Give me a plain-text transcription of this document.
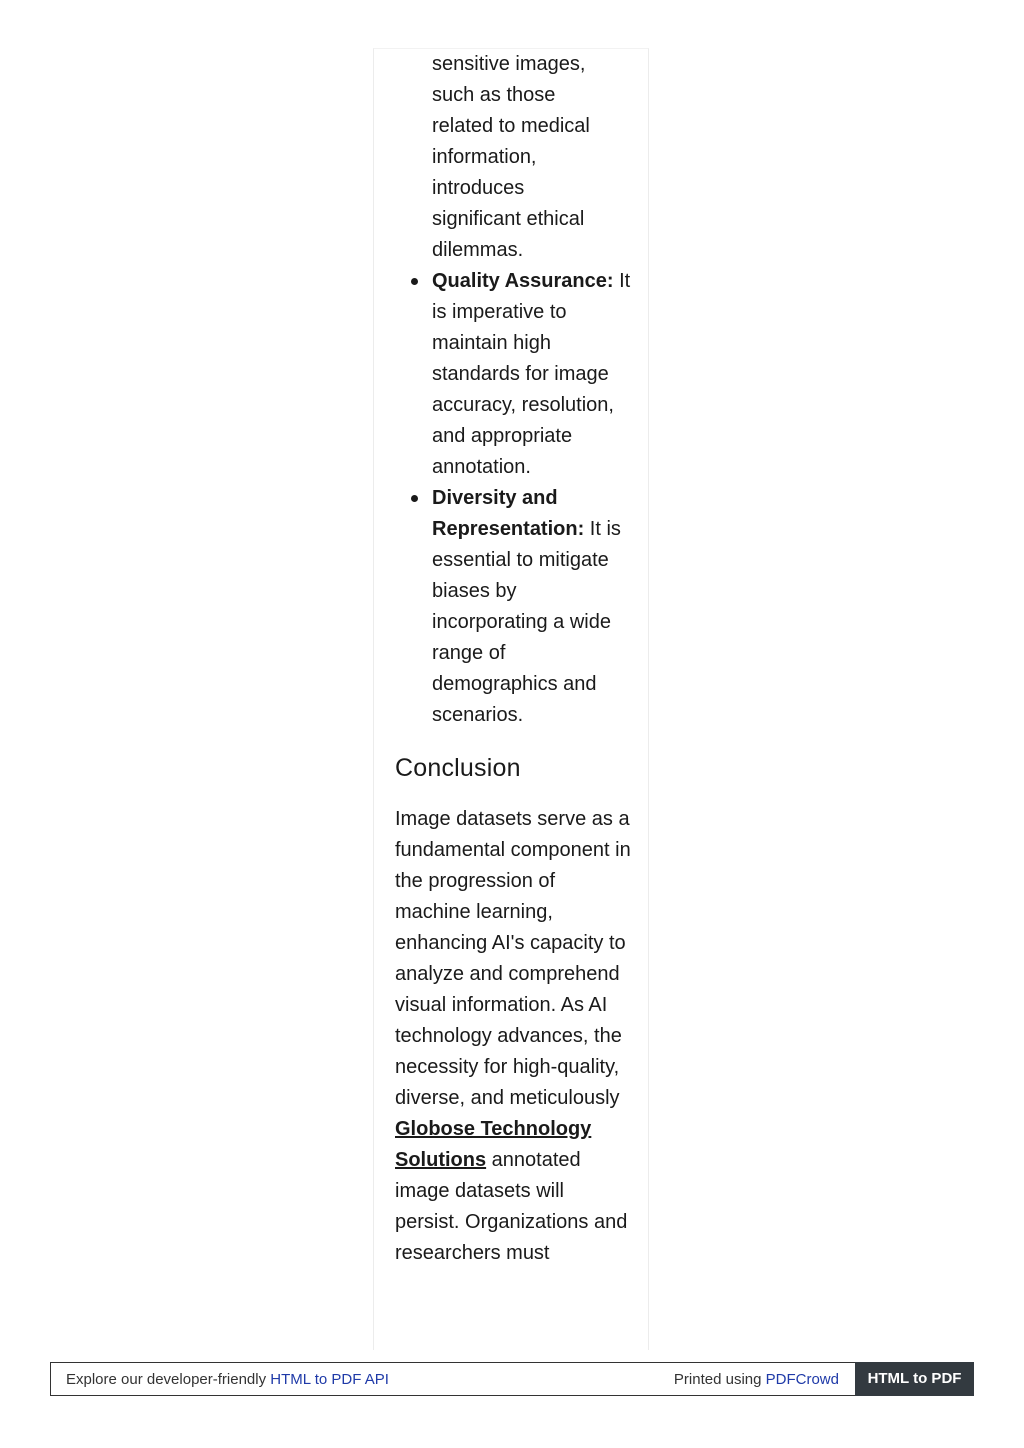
sensitive images,
such as those
related to medical
information,
introduces
significant ethical
dilemmas.
Quality Assurance: It is imperative to maintain high standards for image accuracy, resolution, and appropriate annotation.
Diversity and Representation: It is essential to mitigate biases by incorporating a wide range of demographics and scenarios.
Conclusion

Image datasets serve as a fundamental component in the progression of machine learning, enhancing AI's capacity to analyze and comprehend visual information. As AI technology advances, the necessity for high-quality, diverse, and meticulously Globose Technology Solutions annotated image datasets will persist. Organizations and researchers must

Explore our developer-friendly HTML to PDF API	Printed using PDFCrowd	HTML to PDF
